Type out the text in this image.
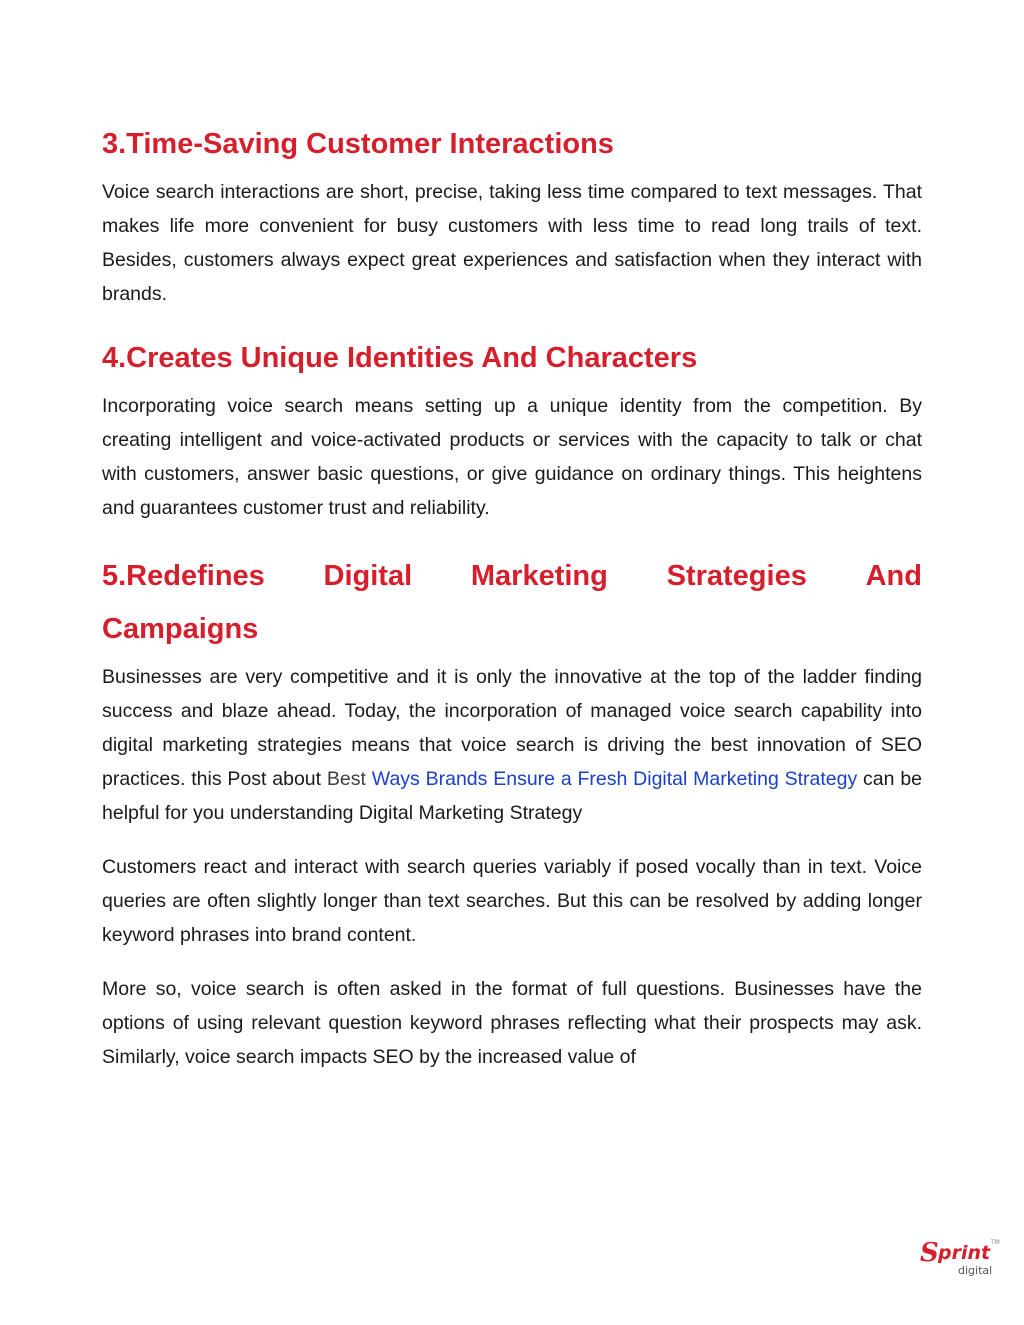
3.Time-Saving Customer Interactions

Voice search interactions are short, precise, taking less time compared to text messages. That makes life more convenient for busy customers with less time to read long trails of text. Besides, customers always expect great experiences and satisfaction when they interact with brands.

4.Creates Unique Identities And Characters

Incorporating voice search means setting up a unique identity from the competition. By creating intelligent and voice-activated products or services with the capacity to talk or chat with customers, answer basic questions, or give guidance on ordinary things. This heightens and guarantees customer trust and reliability.

5.Redefines Digital Marketing Strategies And
Campaigns

Businesses are very competitive and it is only the innovative at the top of the ladder finding success and blaze ahead. Today, the incorporation of managed voice search capability into digital marketing strategies means that voice search is driving the best innovation of SEO practices. this Post about Best Ways Brands Ensure a Fresh Digital Marketing Strategy can be helpful for you understanding Digital Marketing Strategy

Customers react and interact with search queries variably if posed vocally than in text. Voice queries are often slightly longer than text searches. But this can be resolved by adding longer keyword phrases into brand content.

More so, voice search is often asked in the format of full questions. Businesses have the options of using relevant question keyword phrases reflecting what their prospects may ask. Similarly, voice search impacts SEO by the increased value of

S print TM
digital
